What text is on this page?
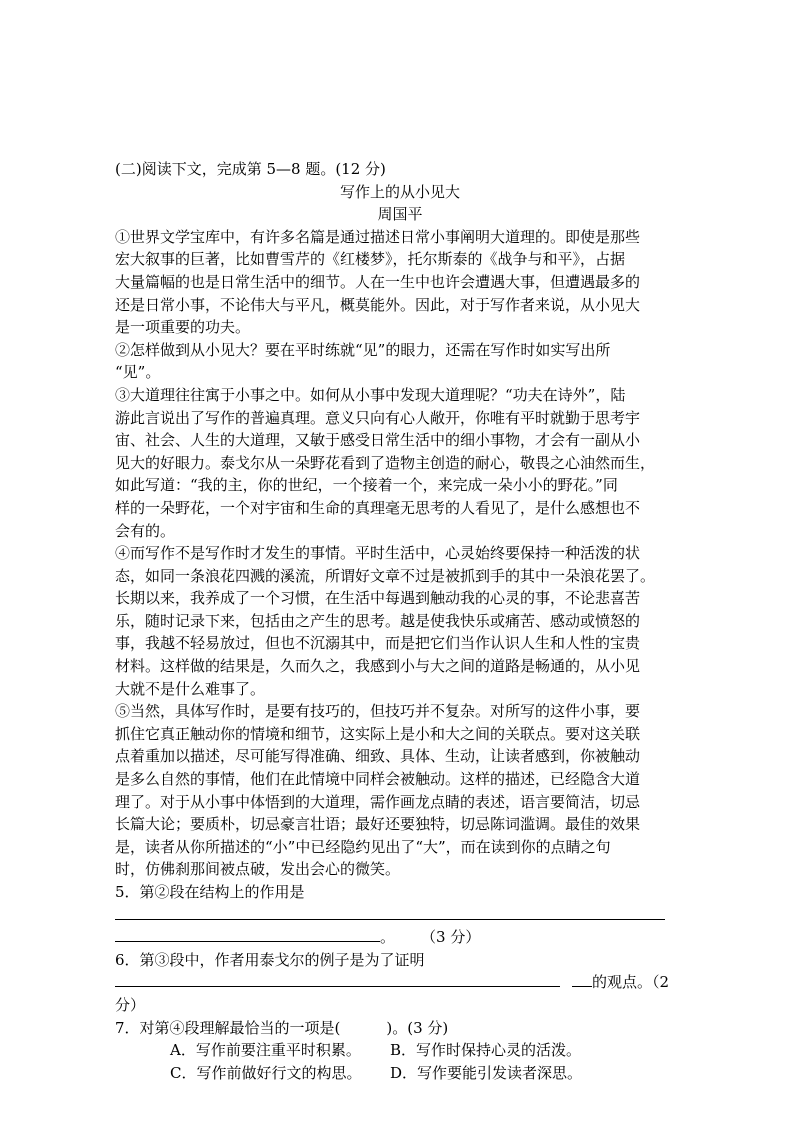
(二)阅读下文，完成第 5—8 题。(12 分)
写作上的从小见大
周国平
①世界文学宝库中，有许多名篇是通过描述日常小事阐明大道理的。即使是那些
宏大叙事的巨著，比如曹雪芹的《红楼梦》，托尔斯泰的《战争与和平》，占据
大量篇幅的也是日常生活中的细节。人在一生中也许会遭遇大事，但遭遇最多的
还是日常小事，不论伟大与平凡，概莫能外。因此，对于写作者来说，从小见大
是一项重要的功夫。
②怎样做到从小见大？要在平时练就“见”的眼力，还需在写作时如实写出所
“见”。
③大道理往往寓于小事之中。如何从小事中发现大道理呢？“功夫在诗外”，陆
游此言说出了写作的普遍真理。意义只向有心人敞开，你唯有平时就勤于思考宇
宙、社会、人生的大道理，又敏于感受日常生活中的细小事物，才会有一副从小
见大的好眼力。泰戈尔从一朵野花看到了造物主创造的耐心，敬畏之心油然而生，
如此写道：“我的主，你的世纪，一个接着一个，来完成一朵小小的野花。”同
样的一朵野花，一个对宇宙和生命的真理毫无思考的人看见了，是什么感想也不
会有的。
④而写作不是写作时才发生的事情。平时生活中，心灵始终要保持一种活泼的状
态，如同一条浪花四溅的溪流，所谓好文章不过是被抓到手的其中一朵浪花罢了。
长期以来，我养成了一个习惯，在生活中每遇到触动我的心灵的事，不论悲喜苦
乐，随时记录下来，包括由之产生的思考。越是使我快乐或痛苦、感动或愤怒的
事，我越不轻易放过，但也不沉溺其中，而是把它们当作认识人生和人性的宝贵
材料。这样做的结果是，久而久之，我感到小与大之间的道路是畅通的，从小见
大就不是什么难事了。
⑤当然，具体写作时，是要有技巧的，但技巧并不复杂。对所写的这件小事，要
抓住它真正触动你的情境和细节，这实际上是小和大之间的关联点。要对这关联
点着重加以描述，尽可能写得准确、细致、具体、生动，让读者感到，你被触动
是多么自然的事情，他们在此情境中同样会被触动。这样的描述，已经隐含大道
理了。对于从小事中体悟到的大道理，需作画龙点睛的表述，语言要简洁，切忌
长篇大论；要质朴，切忌豪言壮语；最好还要独特，切忌陈词滥调。最佳的效果
是，读者从你所描述的“小”中已经隐约见出了“大”，而在读到你的点睛之句
时，仿佛刹那间被点破，发出会心的微笑。
5．第②段在结构上的作用是
。 （3 分）
6．第③段中，作者用泰戈尔的例子是为了证明
的观点。（2
分）
7．对第④段理解最恰当的一项是(	)。(3 分)
A．写作前要注重平时积累。 B．写作时保持心灵的活泼。
C．写作前做好行文的构思。 D．写作要能引发读者深思。
